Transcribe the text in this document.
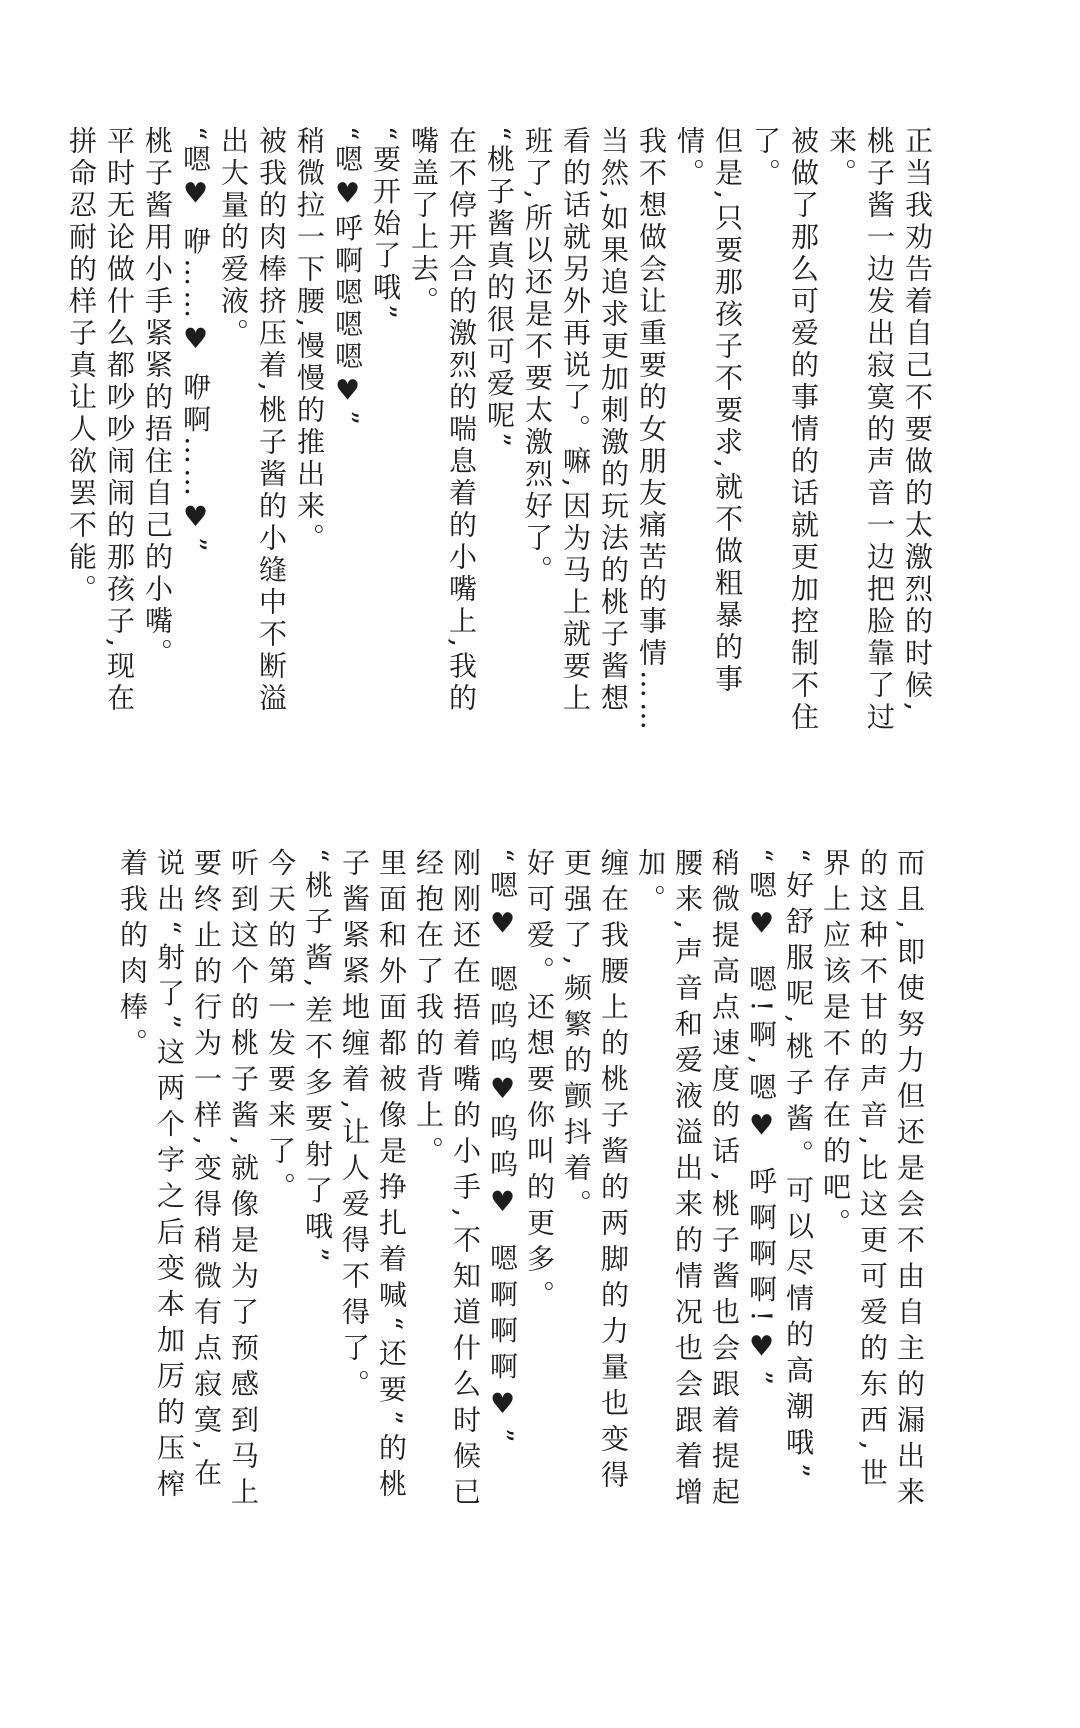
正当我劝告着自己不要做的太激烈的时候,桃子酱一边发出寂寞的声音一边把脸靠了过来。

被做了那么可爱的事情的话就更加控制不住了。

但是,只要那孩子不要求,就不做粗暴的事情。

我不想做会让重要的女朋友痛苦的事情……当然,如果追求更加刺激的玩法的桃子酱想看的话就另外再说了。嘛,因为马上就要上班了,所以还是不要太激烈好了。

“桃子酱真的很可爱呢”

在不停开合的激烈的喘息着的小嘴上,我的嘴盖了上去。

“要开始了哦”

“嗯♥呼啊嗯嗯嗯♥”

稍微拉一下腰,慢慢的推出来。

被我的肉棒挤压着,桃子酱的小缝中不断溢出大量的爱液。

“嗯♥ 咿……♥ 咿啊……♥”

桃子酱用小手紧紧的捂住自己的小嘴。

平时无论做什么都吵吵闹闹的那孩子,现在拼命忍耐的样子真让人欲罢不能。

而且,即使努力但还是会不由自主的漏出来的这种不甘的声音,比这更可爱的东西,世界上应该是不存在的吧。

“好舒服呢,桃子酱。可以尽情的高潮哦”

“嗯♥ 嗯!啊,嗯♥ 呼啊啊啊!♥”

稍微提高点速度的话,桃子酱也会跟着提起腰来,声音和爱液溢出来的情况也会跟着增加。

缠在我腰上的桃子酱的两脚的力量也变得更强了,频繁的颤抖着。

好可爱。还想要你叫的更多。

“嗯♥ 嗯呜呜♥呜呜♥ 嗯啊啊啊♥”

刚刚还在捂着嘴的小手,不知道什么时候已经抱在了我的背上。

里面和外面都被像是挣扎着喊“还要”的桃子酱紧紧地缠着,让人爱得不得了。

“桃子酱,差不多要射了哦”

今天的第一发要来了。

听到这个的桃子酱,就像是为了预感到马上要终止的行为一样,变得稍微有点寂寞,在说出“射了”这两个字之后变本加厉的压榨着我的肉棒。
